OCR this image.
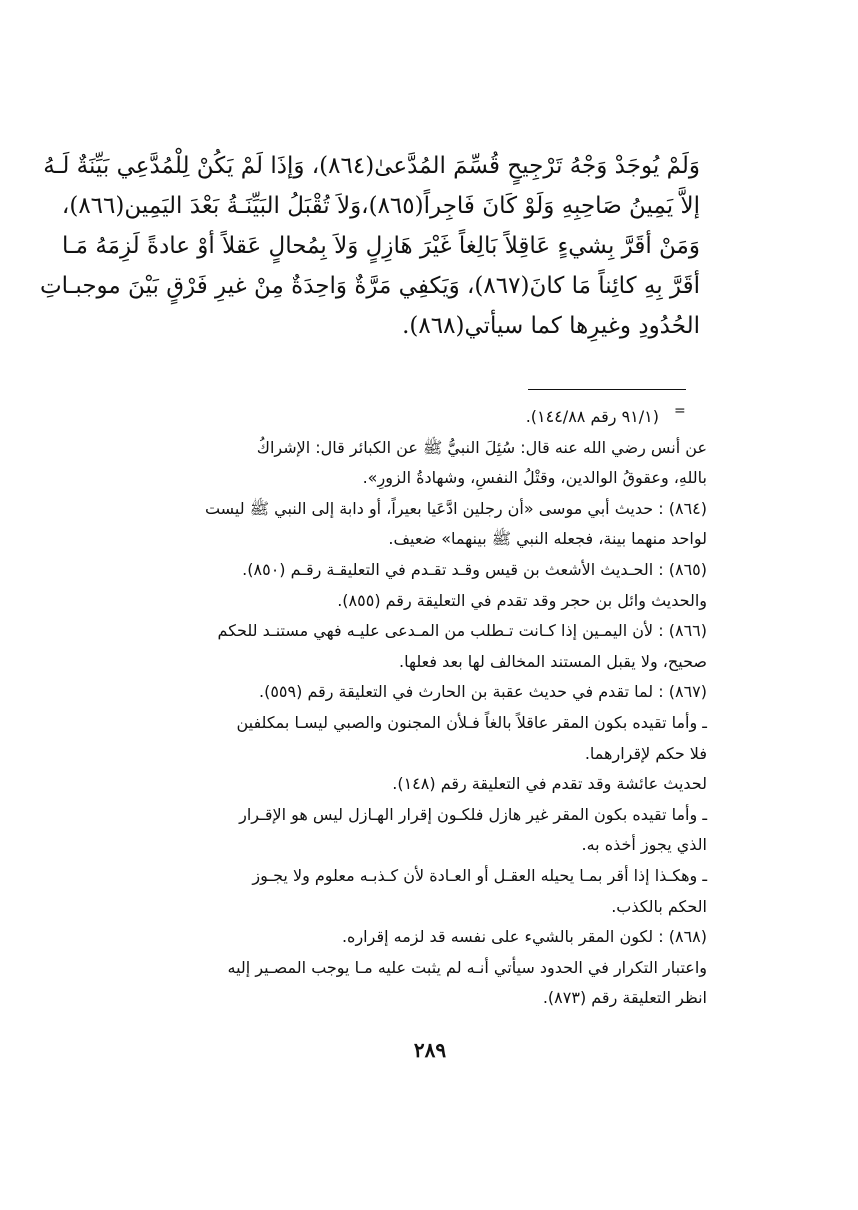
وَلَمْ يُوجَدْ وَجْهُ تَرْجِيحٍ قُسِّمَ المُدَّعىٰ(٨٦٤)، وَإذَا لَمْ يَكُنْ لِلْمُدَّعِي بَيِّنَةٌ لَـهُ
إلاَّ يَمِينُ صَاحِبِهِ وَلَوْ كَانَ فَاجِراً(٨٦٥)،وَلاَ تُقْبَلُ البَيِّنَـةُ بَعْدَ اليَمِين(٨٦٦)،
وَمَنْ أقَرَّ بِشيءٍ عَاقِلاً بَالِغاً غَيْرَ هَازِلٍ وَلاَ بِمُحالٍ عَقلاً أوْ عادةً لَزِمَهُ مَـا
أقَرَّ بِهِ كائِناً مَا كانَ(٨٦٧)، وَيَكفِي مَرَّةٌ وَاحِدَةٌ مِنْ غيرِ فَرْقٍ بَيْنَ موجبـاتِ
الحُدُودِ وغيرِها كما سيأتي(٨٦٨).
=
(٩١/١ رقم ١٤٤/٨٨).
عن أنس رضي الله عنه قال: سُئِلَ النبيُّ ﷺ عن الكبائر قال: الإشراكُ
باللهِ، وعقوقُ الوالدين، وقتْلُ النفسِ، وشهادةُ الزورِ».
(٨٦٤) : حديث أبي موسى «أن رجلين ادَّعَيا بعيراً، أو دابة إلى النبي ﷺ ليست
لواحد منهما بينة، فجعله النبي ﷺ بينهما» ضعيف.
(٨٦٥) : الحـديث الأشعث بن قيس وقـد تقـدم في التعليقـة رقـم (٨٥٠).
والحديث وائل بن حجر وقد تقدم في التعليقة رقم (٨٥٥).
(٨٦٦) : لأن اليمـين إذا كـانت تـطلب من المـدعى عليـه فهي مستنـد للحكم
صحيح، ولا يقبل المستند المخالف لها بعد فعلها.
(٨٦٧) : لما تقدم في حديث عقبة بن الحارث في التعليقة رقم (٥٥٩).
ـ وأما تقيده بكون المقر عاقلاً بالغاً فـلأن المجنون والصبي ليسـا بمكلفين
فلا حكم لإقرارهما.
لحديث عائشة وقد تقدم في التعليقة رقم (١٤٨).
ـ وأما تقيده بكون المقر غير هازل فلكـون إقرار الهـازل ليس هو الإقـرار
الذي يجوز أخذه به.
ـ وهكـذا إذا أقر بمـا يحيله العقـل أو العـادة لأن كـذبـه معلوم ولا يجـوز
الحكم بالكذب.
(٨٦٨) : لكون المقر بالشيء على نفسه قد لزمه إقراره.
واعتبار التكرار في الحدود سيأتي أنـه لم يثبت عليه مـا يوجب المصـير إليه
انظر التعليقة رقم (٨٧٣).
٢٨٩
